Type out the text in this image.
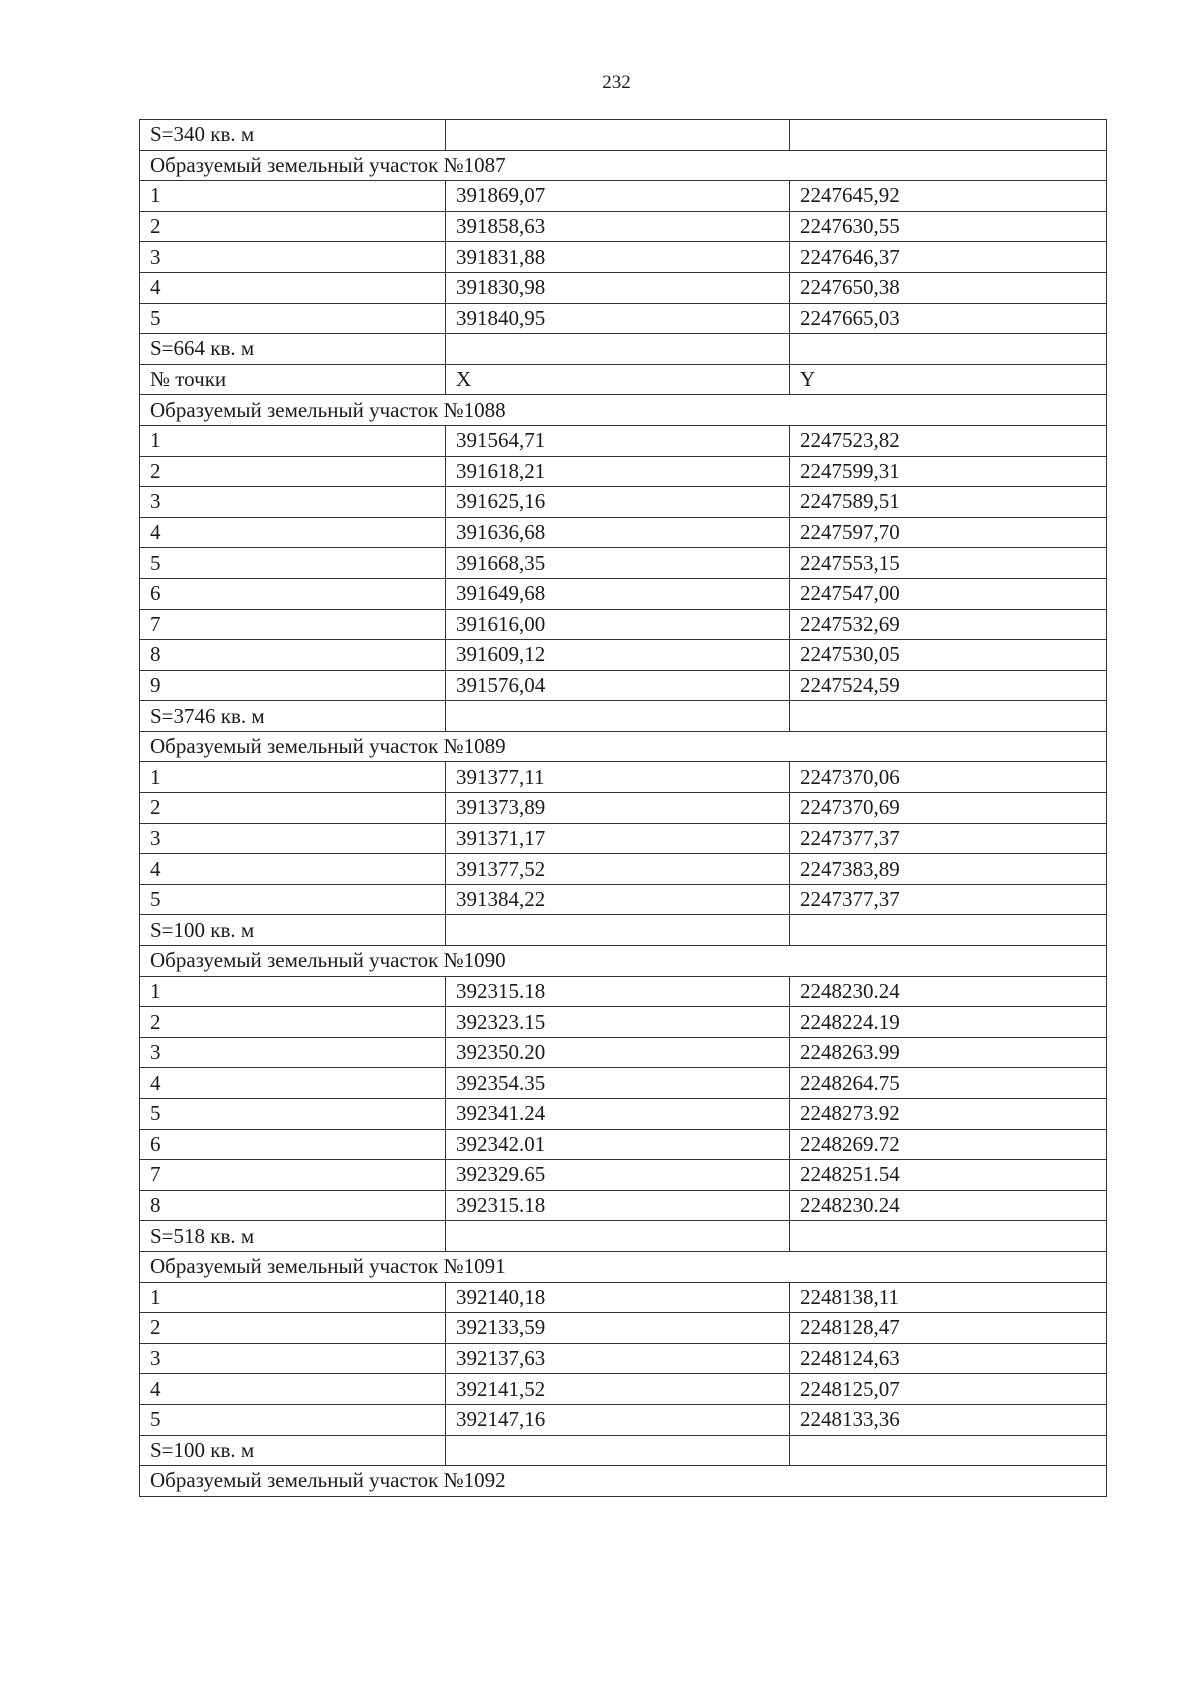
232
S=340 кв. м		
Образуемый земельный участок №1087		
1	391869,07	2247645,92
2	391858,63	2247630,55
3	391831,88	2247646,37
4	391830,98	2247650,38
5	391840,95	2247665,03
S=664 кв. м		
№ точки	X	Y
Образуемый земельный участок №1088		
1	391564,71	2247523,82
2	391618,21	2247599,31
3	391625,16	2247589,51
4	391636,68	2247597,70
5	391668,35	2247553,15
6	391649,68	2247547,00
7	391616,00	2247532,69
8	391609,12	2247530,05
9	391576,04	2247524,59
S=3746 кв. м		
Образуемый земельный участок №1089		
1	391377,11	2247370,06
2	391373,89	2247370,69
3	391371,17	2247377,37
4	391377,52	2247383,89
5	391384,22	2247377,37
S=100 кв. м		
Образуемый земельный участок №1090		
1	392315.18	2248230.24
2	392323.15	2248224.19
3	392350.20	2248263.99
4	392354.35	2248264.75
5	392341.24	2248273.92
6	392342.01	2248269.72
7	392329.65	2248251.54
8	392315.18	2248230.24
S=518 кв. м		
Образуемый земельный участок №1091		
1	392140,18	2248138,11
2	392133,59	2248128,47
3	392137,63	2248124,63
4	392141,52	2248125,07
5	392147,16	2248133,36
S=100 кв. м		
Образуемый земельный участок №1092		
